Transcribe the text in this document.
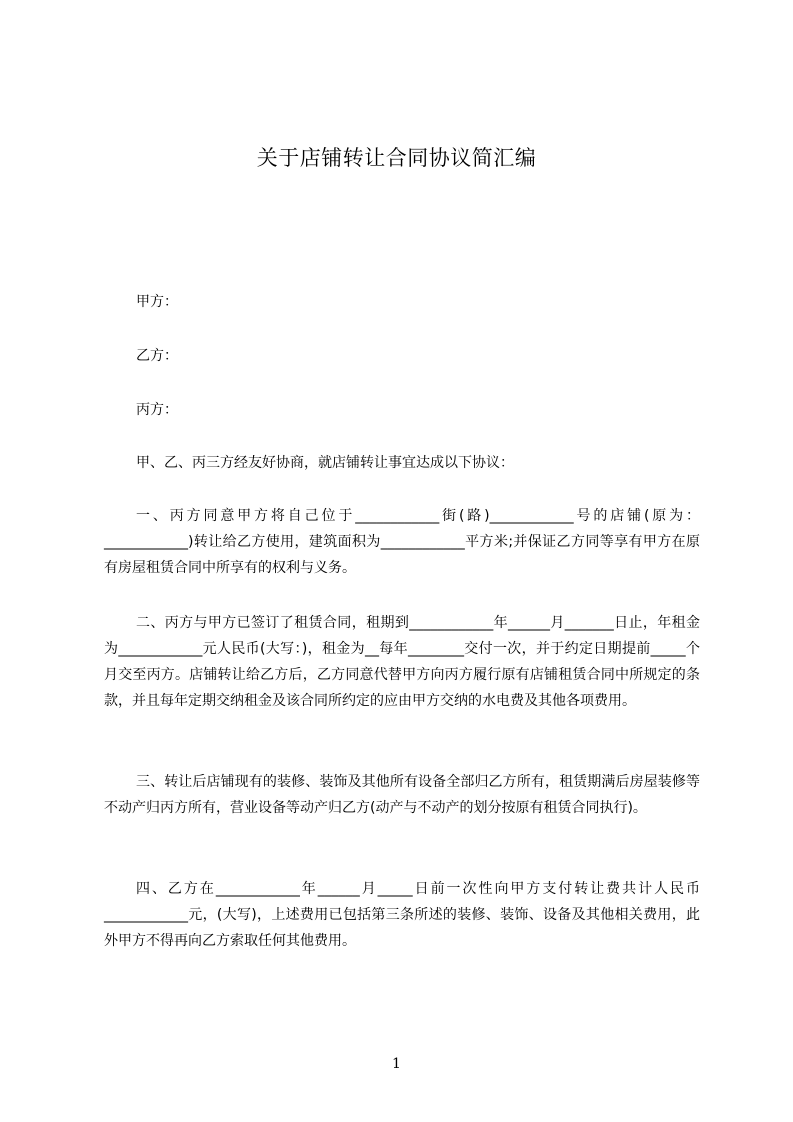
关于店铺转让合同协议简汇编

甲方：

乙方：

丙方：

甲、乙、丙三方经友好协商，就店铺转让事宜达成以下协议：

一、丙方同意甲方将自己位于____________街(路)____________号的店铺(原为：____________)转让给乙方使用，建筑面积为____________平方米;并保证乙方同等享有甲方在原有房屋租赁合同中所享有的权利与义务。

二、丙方与甲方已签订了租赁合同，租期到____________年______月_______日止，年租金为____________元人民币(大写：)，租金为__每年________交付一次，并于约定日期提前_____个月交至丙方。店铺转让给乙方后，乙方同意代替甲方向丙方履行原有店铺租赁合同中所规定的条款，并且每年定期交纳租金及该合同所约定的应由甲方交纳的水电费及其他各项费用。

三、转让后店铺现有的装修、装饰及其他所有设备全部归乙方所有，租赁期满后房屋装修等不动产归丙方所有，营业设备等动产归乙方(动产与不动产的划分按原有租赁合同执行)。

四、乙方在____________年______月_____日前一次性向甲方支付转让费共计人民币____________元，(大写)，上述费用已包括第三条所述的装修、装饰、设备及其他相关费用，此外甲方不得再向乙方索取任何其他费用。

1
